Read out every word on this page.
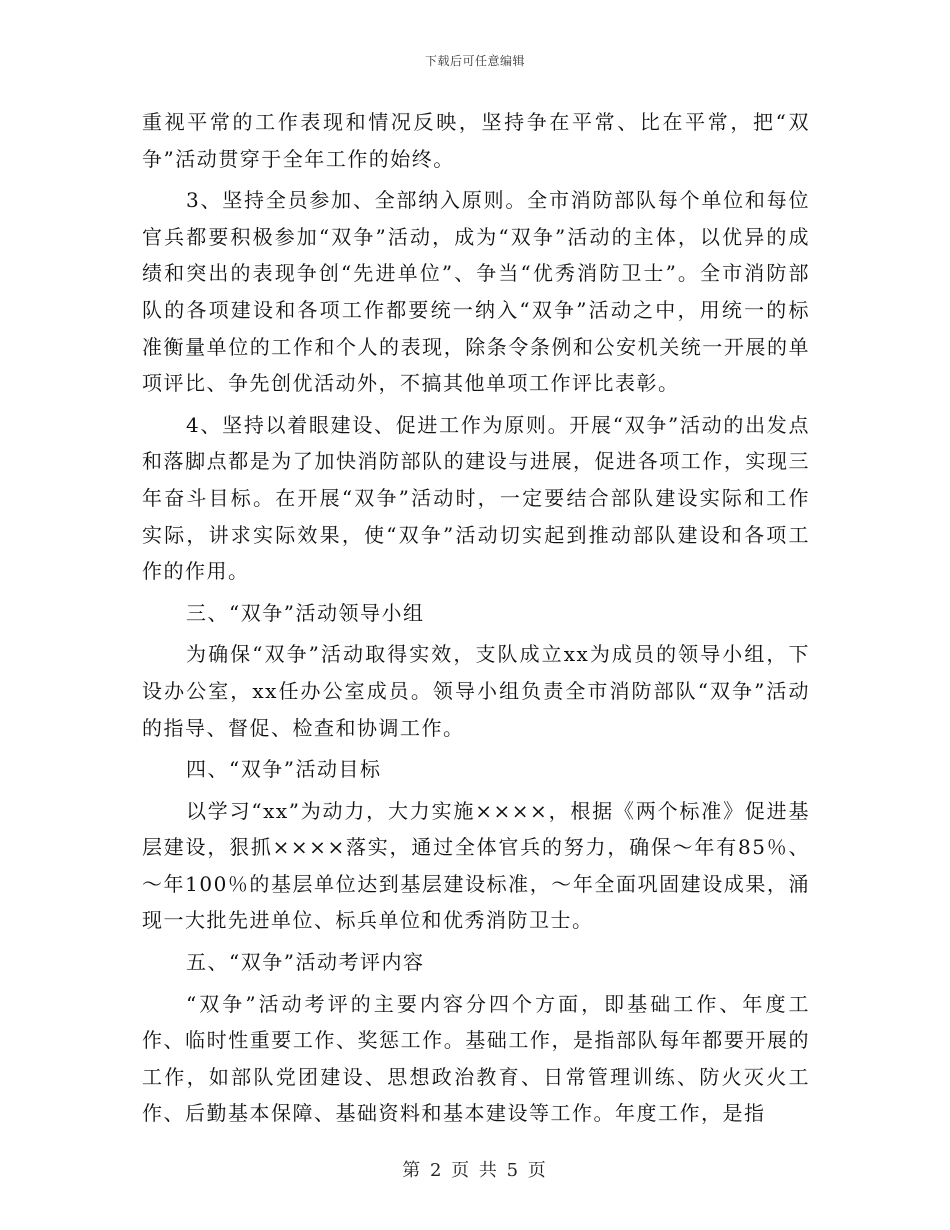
下载后可任意编辑

重视平常的工作表现和情况反映，坚持争在平常、比在平常，把“双争”活动贯穿于全年工作的始终。

3、坚持全员参加、全部纳入原则。全市消防部队每个单位和每位官兵都要积极参加“双争”活动，成为“双争”活动的主体，以优异的成绩和突出的表现争创“先进单位”、争当“优秀消防卫士”。全市消防部队的各项建设和各项工作都要统一纳入“双争”活动之中，用统一的标准衡量单位的工作和个人的表现，除条令条例和公安机关统一开展的单项评比、争先创优活动外，不搞其他单项工作评比表彰。

4、坚持以着眼建设、促进工作为原则。开展“双争”活动的出发点和落脚点都是为了加快消防部队的建设与进展，促进各项工作，实现三年奋斗目标。在开展“双争”活动时，一定要结合部队建设实际和工作实际，讲求实际效果，使“双争”活动切实起到推动部队建设和各项工作的作用。

三、“双争”活动领导小组

为确保“双争”活动取得实效，支队成立xx为成员的领导小组，下设办公室，xx任办公室成员。领导小组负责全市消防部队“双争”活动的指导、督促、检查和协调工作。

四、“双争”活动目标

以学习“xx”为动力，大力实施××××，根据《两个标准》促进基层建设，狠抓××××落实，通过全体官兵的努力，确保～年有85％、～年100％的基层单位达到基层建设标准，～年全面巩固建设成果，涌现一大批先进单位、标兵单位和优秀消防卫士。

五、“双争”活动考评内容

“双争”活动考评的主要内容分四个方面，即基础工作、年度工作、临时性重要工作、奖惩工作。基础工作，是指部队每年都要开展的工作，如部队党团建设、思想政治教育、日常管理训练、防火灭火工作、后勤基本保障、基础资料和基本建设等工作。年度工作，是指

第 2 页 共 5 页
